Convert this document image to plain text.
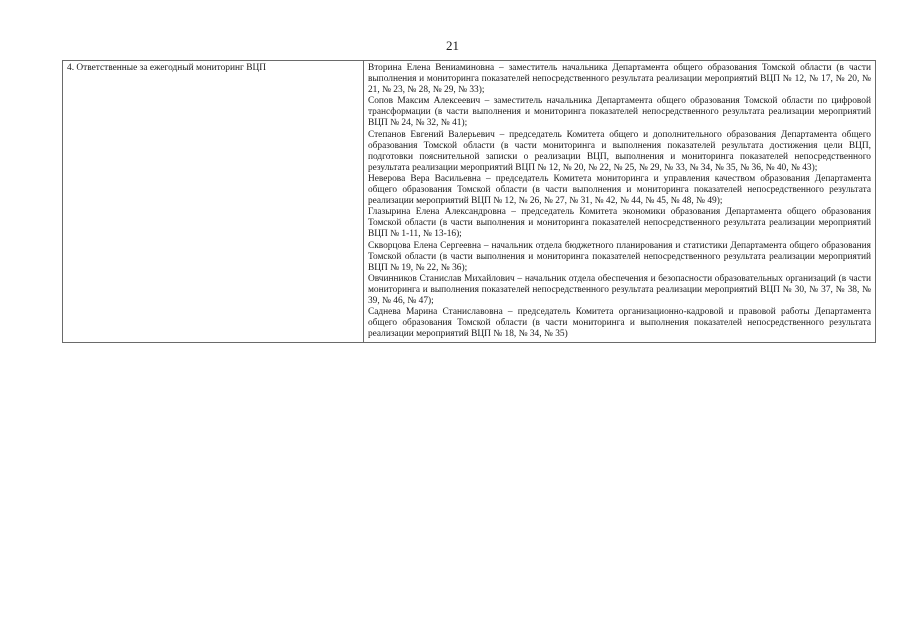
21
4. Ответственные за ежегодный мониторинг ВЦП	Вторина Елена Вениаминовна – заместитель начальника Департамента общего образования Томской области (в части выполнения и мониторинга показателей непосредственного результата реализации мероприятий ВЦП № 12, № 17, № 20, № 21, № 23, № 28, № 29, № 33);

Сопов Максим Алексеевич – заместитель начальника Департамента общего образования Томской области по цифровой трансформации (в части выполнения и мониторинга показателей непосредственного результата реализации мероприятий ВЦП № 24, № 32, № 41);

Степанов Евгений Валерьевич – председатель Комитета общего и дополнительного образования Департамента общего образования Томской области (в части мониторинга и выполнения показателей результата достижения цели ВЦП, подготовки пояснительной записки о реализации ВЦП, выполнения и мониторинга показателей непосредственного результата реализации мероприятий ВЦП № 12, № 20, № 22, № 25, № 29, № 33, № 34, № 35, № 36, № 40, № 43);

Неверова Вера Васильевна – председатель Комитета мониторинга и управления качеством образования Департамента общего образования Томской области (в части выполнения и мониторинга показателей непосредственного результата реализации мероприятий ВЦП № 12, № 26, № 27, № 31, № 42, № 44, № 45, № 48, № 49);

Глазырина Елена Александровна – председатель Комитета экономики образования Департамента общего образования Томской области (в части выполнения и мониторинга показателей непосредственного результата реализации мероприятий ВЦП № 1-11, № 13-16);

Скворцова Елена Сергеевна – начальник отдела бюджетного планирования и статистики Департамента общего образования Томской области (в части выполнения и мониторинга показателей непосредственного результата реализации мероприятий ВЦП № 19, № 22, № 36);

Овчинников Станислав Михайлович – начальник отдела обеспечения и безопасности образовательных организаций (в части мониторинга и выполнения показателей непосредственного результата реализации мероприятий ВЦП № 30, № 37, № 38, № 39, № 46, № 47);

Саднева Марина Станиславовна – председатель Комитета организационно-кадровой и правовой работы Департамента общего образования Томской области (в части мониторинга и выполнения показателей непосредственного результата реализации мероприятий ВЦП № 18, № 34, № 35)
